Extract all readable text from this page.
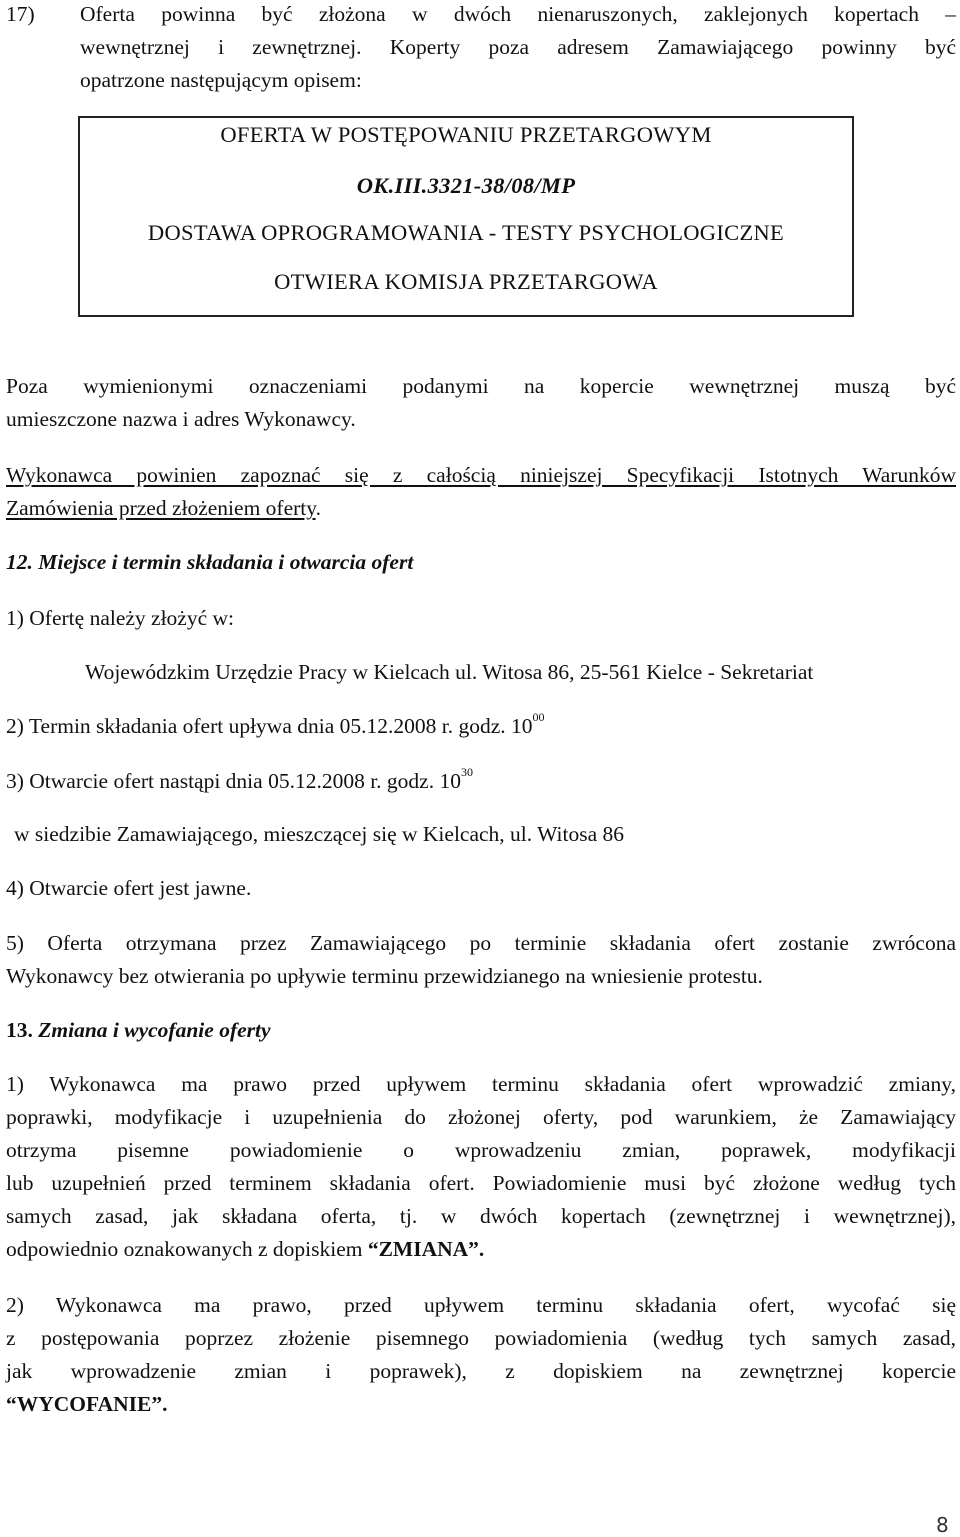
17) Oferta powinna być złożona w dwóch nienaruszonych, zaklejonych kopertach –
wewnętrznej i zewnętrznej. Koperty poza adresem Zamawiającego powinny być
opatrzone następującym opisem:
OFERTA W POSTĘPOWANIU PRZETARGOWYM
OK.III.3321-38/08/MP
DOSTAWA OPROGRAMOWANIA - TESTY PSYCHOLOGICZNE
OTWIERA KOMISJA PRZETARGOWA
Poza wymienionymi oznaczeniami podanymi na kopercie wewnętrznej muszą być
umieszczone nazwa i adres Wykonawcy.
Wykonawca powinien zapoznać się z całością niniejszej Specyfikacji Istotnych Warunków
Zamówienia przed złożeniem oferty.
12. Miejsce i termin składania i otwarcia ofert
1) Ofertę należy złożyć w:
Wojewódzkim Urzędzie Pracy w Kielcach ul. Witosa 86, 25-561 Kielce - Sekretariat
2) Termin składania ofert upływa dnia 05.12.2008 r. godz. $10^{00}$
3) Otwarcie ofert nastąpi dnia 05.12.2008 r. godz. $10^{30}$
w siedzibie Zamawiającego, mieszczącej się w Kielcach, ul. Witosa 86
4) Otwarcie ofert jest jawne.
5) Oferta otrzymana przez Zamawiającego po terminie składania ofert zostanie zwrócona
Wykonawcy bez otwierania po upływie terminu przewidzianego na wniesienie protestu.
13. Zmiana i wycofanie oferty
1) Wykonawca ma prawo przed upływem terminu składania ofert wprowadzić zmiany,
poprawki, modyfikacje i uzupełnienia do złożonej oferty, pod warunkiem, że Zamawiający
otrzyma pisemne powiadomienie o wprowadzeniu zmian, poprawek, modyfikacji
lub uzupełnień przed terminem składania ofert. Powiadomienie musi być złożone według tych
samych zasad, jak składana oferta, tj. w dwóch kopertach (zewnętrznej i wewnętrznej),
odpowiednio oznakowanych z dopiskiem “ZMIANA”.
2) Wykonawca ma prawo, przed upływem terminu składania ofert, wycofać się
z postępowania poprzez złożenie pisemnego powiadomienia (według tych samych zasad,
jak wprowadzenie zmian i poprawek), z dopiskiem na zewnętrznej kopercie
“WYCOFANIE”.
8
